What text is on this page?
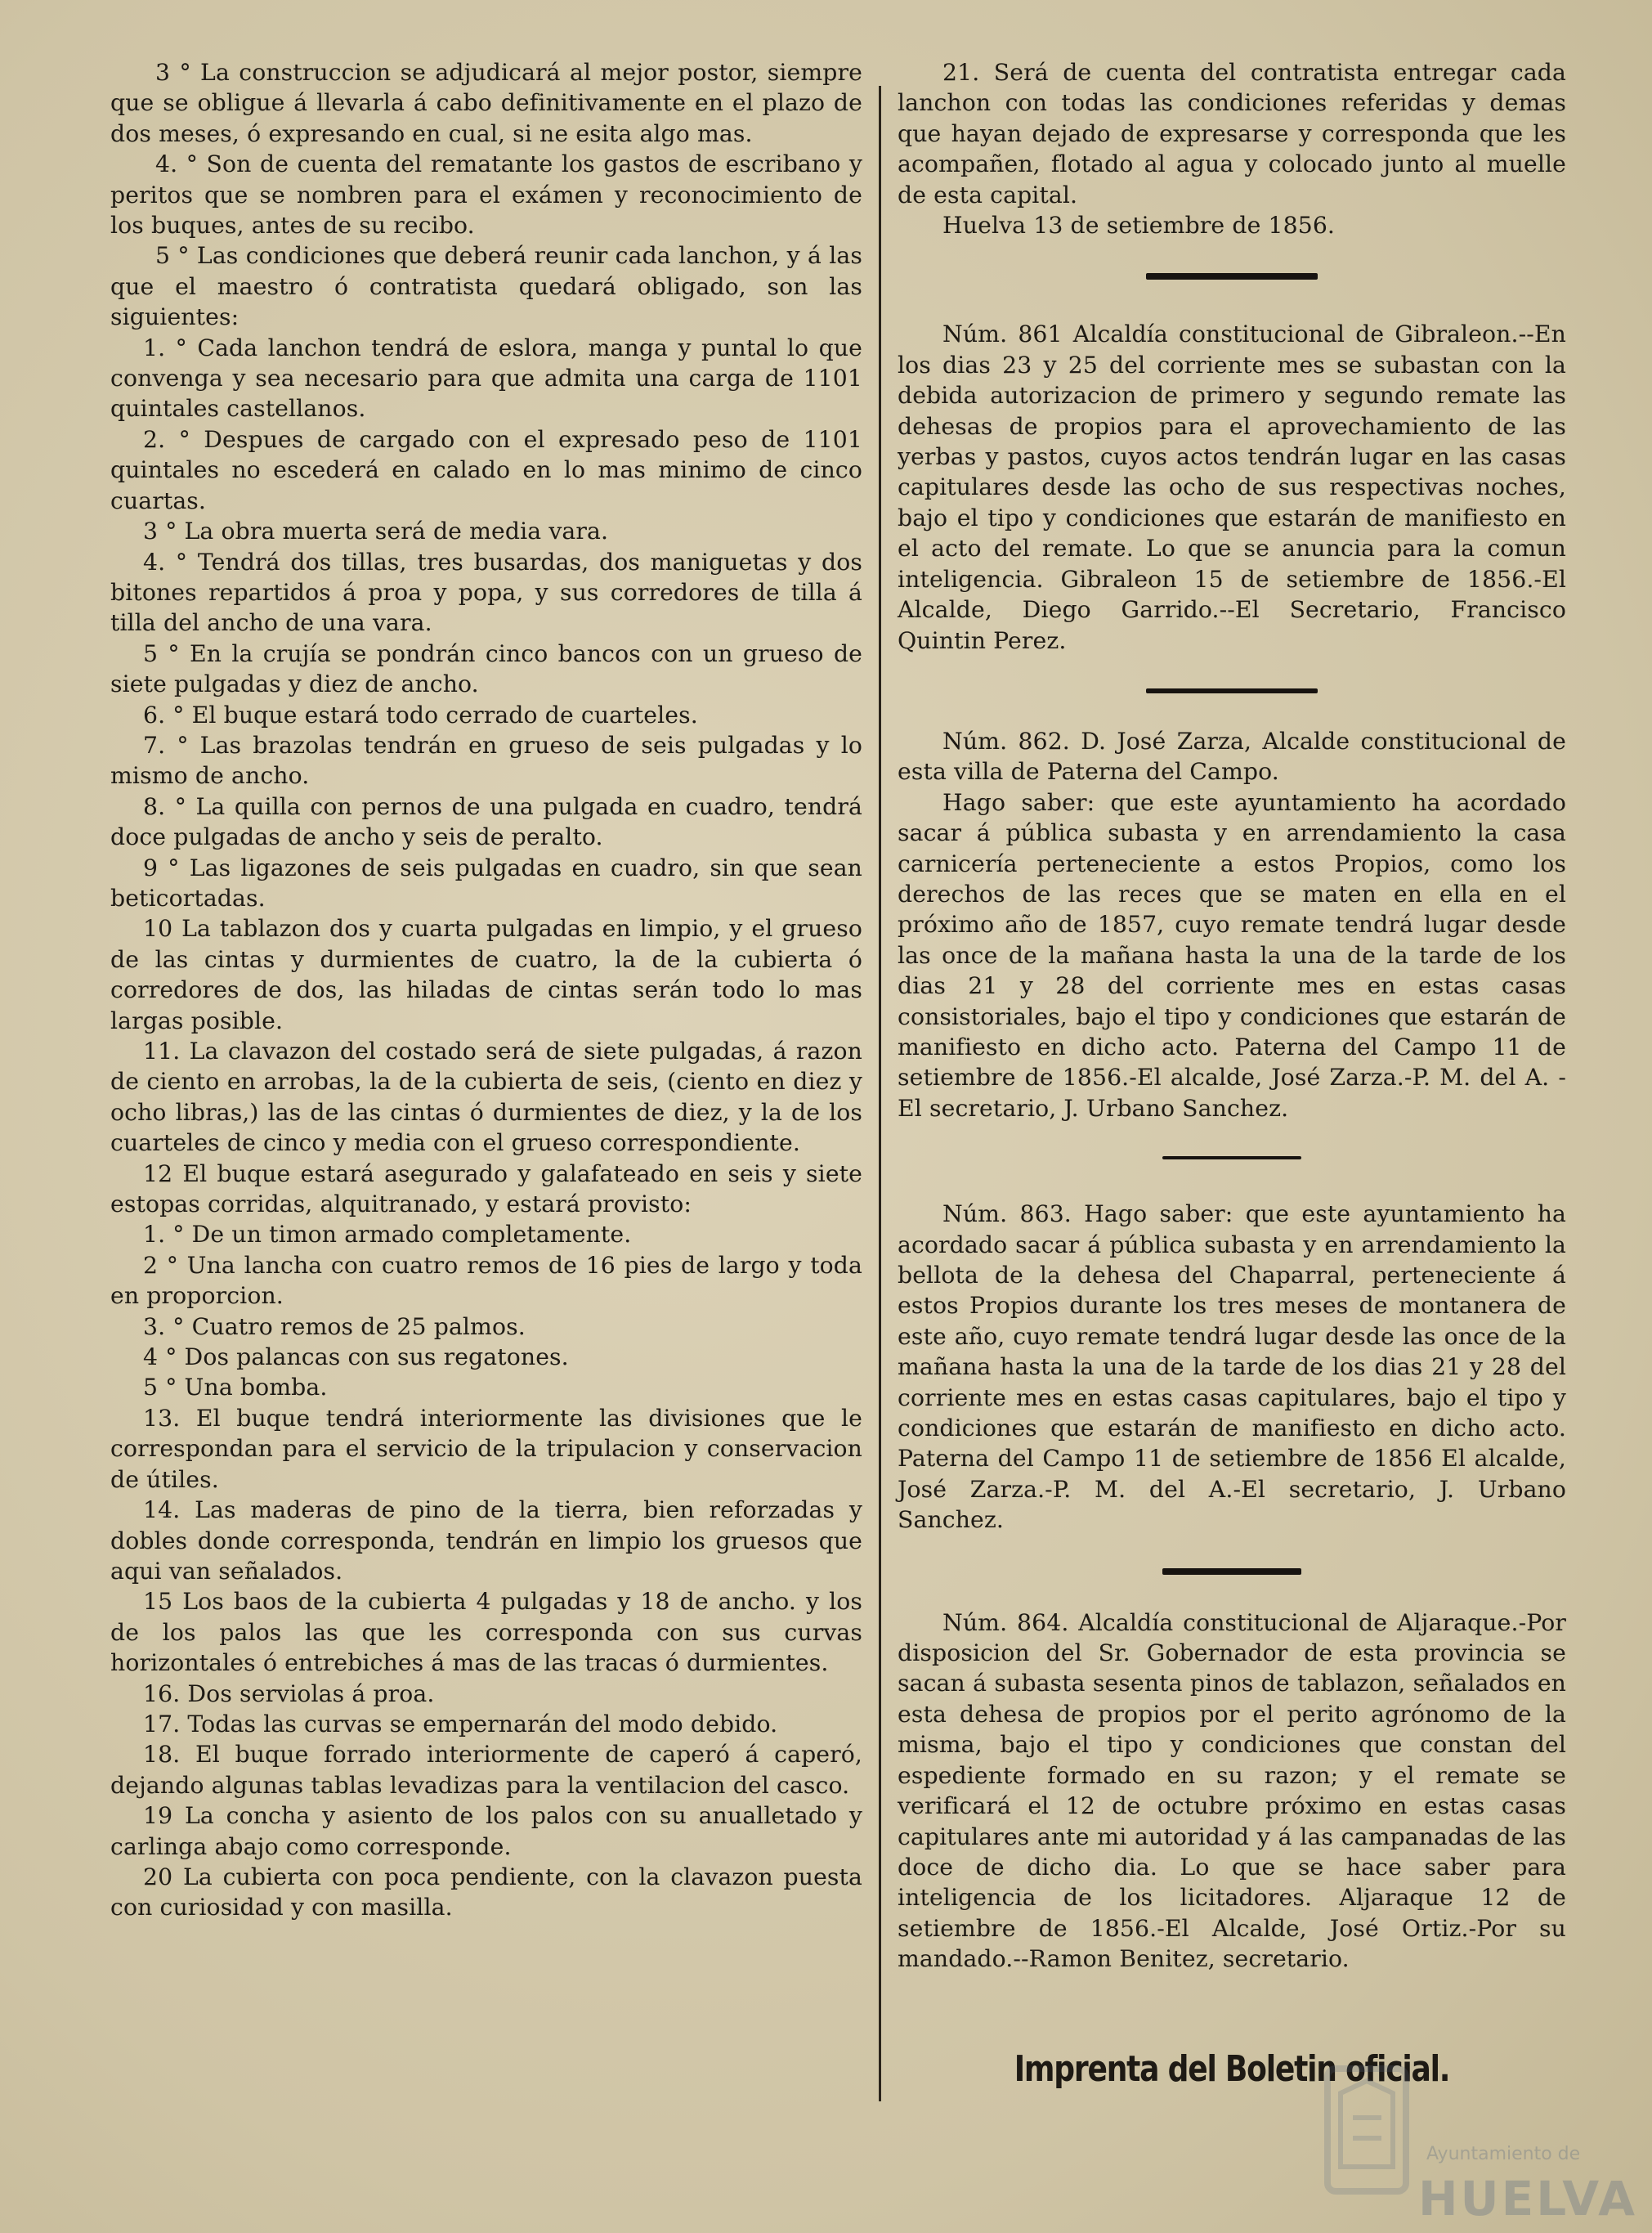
3 ° La construccion se adjudicará al mejor postor, siempre que se obligue á llevarla á cabo definitivamente en el plazo de dos meses, ó expresando en cual, si ne esita algo mas.

4. ° Son de cuenta del rematante los gastos de escribano y peritos que se nombren para el exámen y reconocimiento de los buques, antes de su recibo.

5 ° Las condiciones que deberá reunir cada lanchon, y á las que el maestro ó contratista quedará obligado, son las siguientes:

1. ° Cada lanchon tendrá de eslora, manga y puntal lo que convenga y sea necesario para que admita una carga de 1101 quintales castellanos.

2. ° Despues de cargado con el expresado peso de 1101 quintales no escederá en calado en lo mas minimo de cinco cuartas.

3 ° La obra muerta será de media vara.

4. ° Tendrá dos tillas, tres busardas, dos maniguetas y dos bitones repartidos á proa y popa, y sus corredores de tilla á tilla del ancho de una vara.

5 ° En la crujía se pondrán cinco bancos con un grueso de siete pulgadas y diez de ancho.

6. ° El buque estará todo cerrado de cuarteles.

7. ° Las brazolas tendrán en grueso de seis pulgadas y lo mismo de ancho.

8. ° La quilla con pernos de una pulgada en cuadro, tendrá doce pulgadas de ancho y seis de peralto.

9 ° Las ligazones de seis pulgadas en cuadro, sin que sean beticortadas.

10 La tablazon dos y cuarta pulgadas en limpio, y el grueso de las cintas y durmientes de cuatro, la de la cubierta ó corredores de dos, las hiladas de cintas serán todo lo mas largas posible.

11. La clavazon del costado será de siete pulgadas, á razon de ciento en arrobas, la de la cubierta de seis, (ciento en diez y ocho libras,) las de las cintas ó durmientes de diez, y la de los cuarteles de cinco y media con el grueso correspondiente.

12 El buque estará asegurado y galafateado en seis y siete estopas corridas, alquitranado, y estará provisto:

1. ° De un timon armado completamente.

2 ° Una lancha con cuatro remos de 16 pies de largo y toda en proporcion.

3. ° Cuatro remos de 25 palmos.

4 ° Dos palancas con sus regatones.

5 ° Una bomba.

13. El buque tendrá interiormente las divisiones que le correspondan para el servicio de la tripulacion y conservacion de útiles.

14. Las maderas de pino de la tierra, bien reforzadas y dobles donde corresponda, tendrán en limpio los gruesos que aqui van señalados.

15 Los baos de la cubierta 4 pulgadas y 18 de ancho. y los de los palos las que les corresponda con sus curvas horizontales ó entrebiches á mas de las tracas ó durmientes.

16. Dos serviolas á proa.

17. Todas las curvas se empernarán del modo debido.

18. El buque forrado interiormente de caperó á caperó, dejando algunas tablas levadizas para la ventilacion del casco.

19 La concha y asiento de los palos con su anualletado y carlinga abajo como corresponde.

20 La cubierta con poca pendiente, con la clavazon puesta con curiosidad y con masilla.

21. Será de cuenta del contratista entregar cada lanchon con todas las condiciones referidas y demas que hayan dejado de expresarse y corresponda que les acompañen, flotado al agua y colocado junto al muelle de esta capital.

Huelva 13 de setiembre de 1856.

Núm. 861 Alcaldía constitucional de Gibraleon.--En los dias 23 y 25 del corriente mes se subastan con la debida autorizacion de primero y segundo remate las dehesas de propios para el aprovechamiento de las yerbas y pastos, cuyos actos tendrán lugar en las casas capitulares desde las ocho de sus respectivas noches, bajo el tipo y condiciones que estarán de manifiesto en el acto del remate. Lo que se anuncia para la comun inteligencia. Gibraleon 15 de setiembre de 1856.-El Alcalde, Diego Garrido.--El Secretario, Francisco Quintin Perez.

Núm. 862. D. José Zarza, Alcalde constitucional de esta villa de Paterna del Campo.

Hago saber: que este ayuntamiento ha acordado sacar á pública subasta y en arrendamiento la casa carnicería perteneciente a estos Propios, como los derechos de las reces que se maten en ella en el próximo año de 1857, cuyo remate tendrá lugar desde las once de la mañana hasta la una de la tarde de los dias 21 y 28 del corriente mes en estas casas consistoriales, bajo el tipo y condiciones que estarán de manifiesto en dicho acto. Paterna del Campo 11 de setiembre de 1856.-El alcalde, José Zarza.-P. M. del A. -El secretario, J. Urbano Sanchez.

Núm. 863. Hago saber: que este ayuntamiento ha acordado sacar á pública subasta y en arrendamiento la bellota de la dehesa del Chaparral, perteneciente á estos Propios durante los tres meses de montanera de este año, cuyo remate tendrá lugar desde las once de la mañana hasta la una de la tarde de los dias 21 y 28 del corriente mes en estas casas capitulares, bajo el tipo y condiciones que estarán de manifiesto en dicho acto. Paterna del Campo 11 de setiembre de 1856 El alcalde, José Zarza.-P. M. del A.-El secretario, J. Urbano Sanchez.

Núm. 864. Alcaldía constitucional de Aljaraque.-Por disposicion del Sr. Gobernador de esta provincia se sacan á subasta sesenta pinos de tablazon, señalados en esta dehesa de propios por el perito agrónomo de la misma, bajo el tipo y condiciones que constan del espediente formado en su razon; y el remate se verificará el 12 de octubre próximo en estas casas capitulares ante mi autoridad y á las campanadas de las doce de dicho dia. Lo que se hace saber para inteligencia de los licitadores. Aljaraque 12 de setiembre de 1856.-El Alcalde, José Ortiz.-Por su mandado.--Ramon Benitez, secretario.

Imprenta del Boletin oficial.
Ayuntamiento de
HUELVA
